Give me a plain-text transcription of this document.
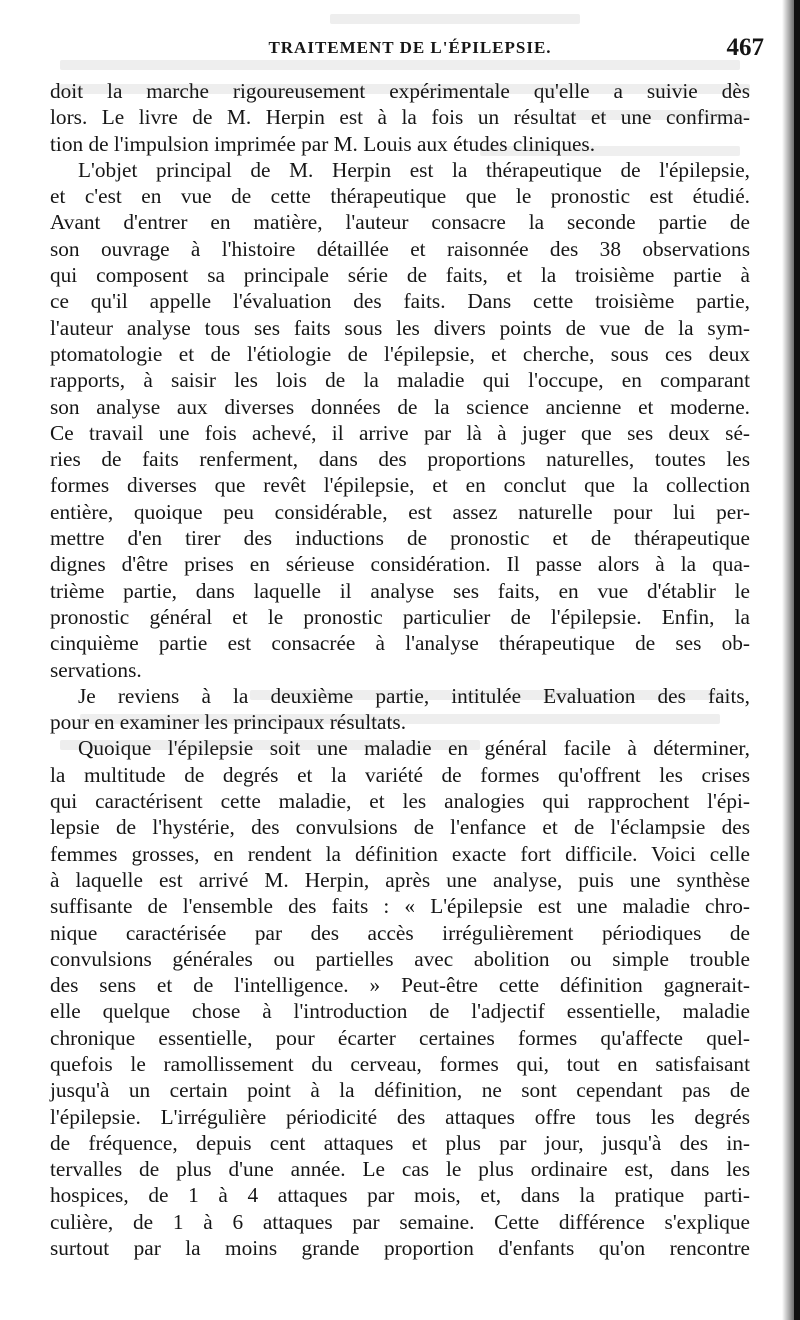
TRAITEMENT DE L'ÉPILEPSIE.	467
doit la marche rigoureusement expérimentale qu'elle a suivie dès
lors. Le livre de M. Herpin est à la fois un résultat et une confirma-
tion de l'impulsion imprimée par M. Louis aux études cliniques.
L'objet principal de M. Herpin est la thérapeutique de l'épilepsie,
et c'est en vue de cette thérapeutique que le pronostic est étudié.
Avant d'entrer en matière, l'auteur consacre la seconde partie de
son ouvrage à l'histoire détaillée et raisonnée des 38 observations
qui composent sa principale série de faits, et la troisième partie à
ce qu'il appelle l'évaluation des faits. Dans cette troisième partie,
l'auteur analyse tous ses faits sous les divers points de vue de la sym-
ptomatologie et de l'étiologie de l'épilepsie, et cherche, sous ces deux
rapports, à saisir les lois de la maladie qui l'occupe, en comparant
son analyse aux diverses données de la science ancienne et moderne.
Ce travail une fois achevé, il arrive par là à juger que ses deux sé-
ries de faits renferment, dans des proportions naturelles, toutes les
formes diverses que revêt l'épilepsie, et en conclut que la collection
entière, quoique peu considérable, est assez naturelle pour lui per-
mettre d'en tirer des inductions de pronostic et de thérapeutique
dignes d'être prises en sérieuse considération. Il passe alors à la qua-
trième partie, dans laquelle il analyse ses faits, en vue d'établir le
pronostic général et le pronostic particulier de l'épilepsie. Enfin, la
cinquième partie est consacrée à l'analyse thérapeutique de ses ob-
servations.
Je reviens à la deuxième partie, intitulée Evaluation des faits,
pour en examiner les principaux résultats.
Quoique l'épilepsie soit une maladie en général facile à déterminer,
la multitude de degrés et la variété de formes qu'offrent les crises
qui caractérisent cette maladie, et les analogies qui rapprochent l'épi-
lepsie de l'hystérie, des convulsions de l'enfance et de l'éclampsie des
femmes grosses, en rendent la définition exacte fort difficile. Voici celle
à laquelle est arrivé M. Herpin, après une analyse, puis une synthèse
suffisante de l'ensemble des faits : « L'épilepsie est une maladie chro-
nique caractérisée par des accès irrégulièrement périodiques de
convulsions générales ou partielles avec abolition ou simple trouble
des sens et de l'intelligence. » Peut-être cette définition gagnerait-
elle quelque chose à l'introduction de l'adjectif essentielle, maladie
chronique essentielle, pour écarter certaines formes qu'affecte quel-
quefois le ramollissement du cerveau, formes qui, tout en satisfaisant
jusqu'à un certain point à la définition, ne sont cependant pas de
l'épilepsie. L'irrégulière périodicité des attaques offre tous les degrés
de fréquence, depuis cent attaques et plus par jour, jusqu'à des in-
tervalles de plus d'une année. Le cas le plus ordinaire est, dans les
hospices, de 1 à 4 attaques par mois, et, dans la pratique parti-
culière, de 1 à 6 attaques par semaine. Cette différence s'explique
surtout par la moins grande proportion d'enfants qu'on rencontre
